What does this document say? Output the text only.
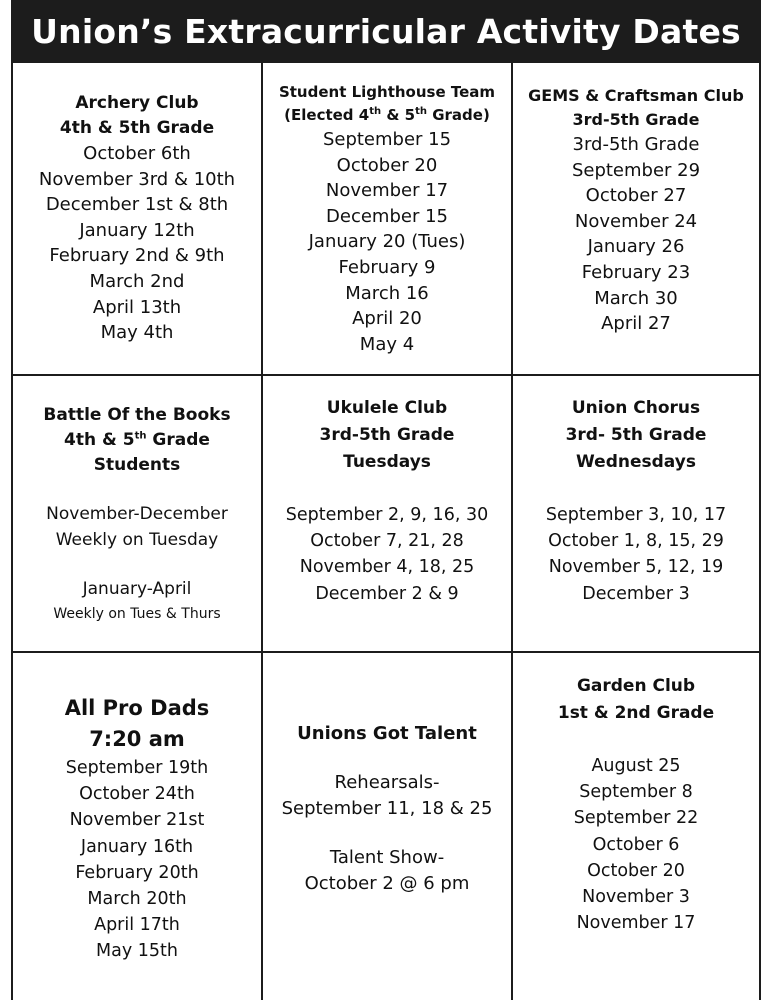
Union’s Extracurricular Activity Dates

Archery Club

4th & 5th Grade

October 6th

November 3rd & 10th

December 1st & 8th

January 12th

February 2nd & 9th

March 2nd

April 13th

May 4th

Student Lighthouse Team

(Elected 4th & 5th Grade)

September 15

October 20

November 17

December 15

January 20 (Tues)

February 9

March 16

April 20

May 4

GEMS & Craftsman Club

3rd-5th Grade

3rd-5th Grade

September 29

October 27

November 24

January 26

February 23

March 30

April 27

Battle Of the Books

4th & 5th Grade

Students

November-December

Weekly on Tuesday

January-April

Weekly on Tues & Thurs

Ukulele Club

3rd-5th Grade

Tuesdays

September 2, 9, 16, 30

October 7, 21, 28

November 4, 18, 25

December 2 & 9

Union Chorus

3rd- 5th Grade

Wednesdays

September 3, 10, 17

October 1, 8, 15, 29

November 5, 12, 19

December 3

All Pro Dads

7:20 am

September 19th

October 24th

November 21st

January 16th

February 20th

March 20th

April 17th

May 15th

Unions Got Talent

Rehearsals-

September 11, 18 & 25

Talent Show-

October 2 @ 6 pm

Garden Club

1st & 2nd Grade

August 25

September 8

September 22

October 6

October 20

November 3

November 17
